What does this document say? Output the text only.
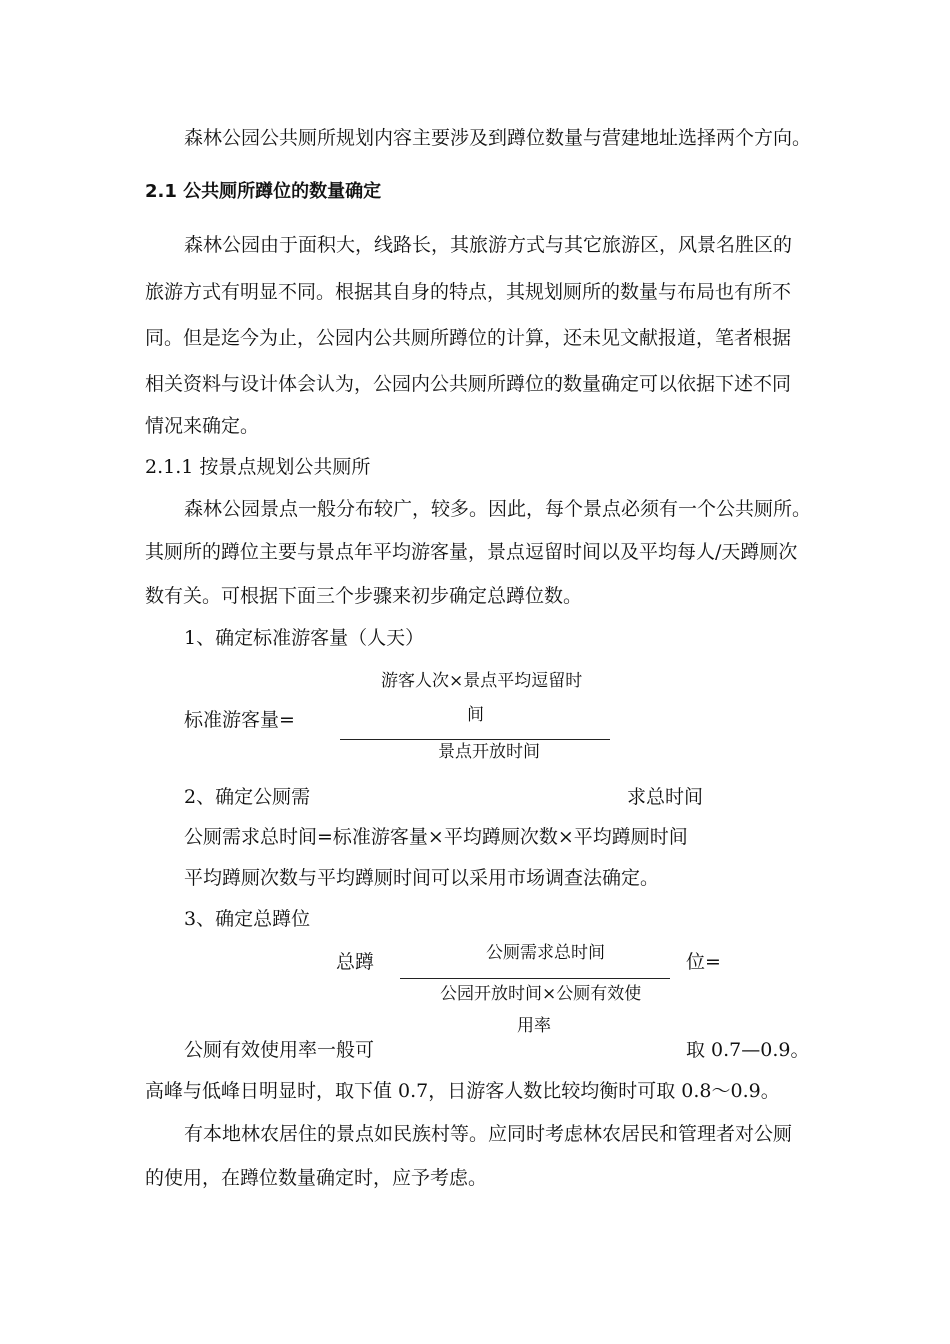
森林公园公共厕所规划内容主要涉及到蹲位数量与营建地址选择两个方向。
2.1 公共厕所蹲位的数量确定
森林公园由于面积大，线路长，其旅游方式与其它旅游区，风景名胜区的
旅游方式有明显不同。根据其自身的特点，其规划厕所的数量与布局也有所不
同。但是迄今为止，公园内公共厕所蹲位的计算，还未见文献报道，笔者根据
相关资料与设计体会认为，公园内公共厕所蹲位的数量确定可以依据下述不同
情况来确定。
2.1.1 按景点规划公共厕所
森林公园景点一般分布较广，较多。因此，每个景点必须有一个公共厕所。
其厕所的蹲位主要与景点年平均游客量，景点逗留时间以及平均每人/天蹲厕次
数有关。可根据下面三个步骤来初步确定总蹲位数。
1、确定标准游客量（人天）
游客人次×景点平均逗留时
间
标准游客量=
景点开放时间
2、确定公厕需	求总时间
公厕需求总时间=标准游客量×平均蹲厕次数×平均蹲厕时间
平均蹲厕次数与平均蹲厕时间可以采用市场调查法确定。
3、确定总蹲位
公厕需求总时间
总蹲	位=
公园开放时间×公厕有效使
用率
公厕有效使用率一般可	取 0.7—0.9。
高峰与低峰日明显时，取下值 0.7，日游客人数比较均衡时可取 0.8～0.9。
有本地林农居住的景点如民族村等。应同时考虑林农居民和管理者对公厕
的使用，在蹲位数量确定时，应予考虑。
